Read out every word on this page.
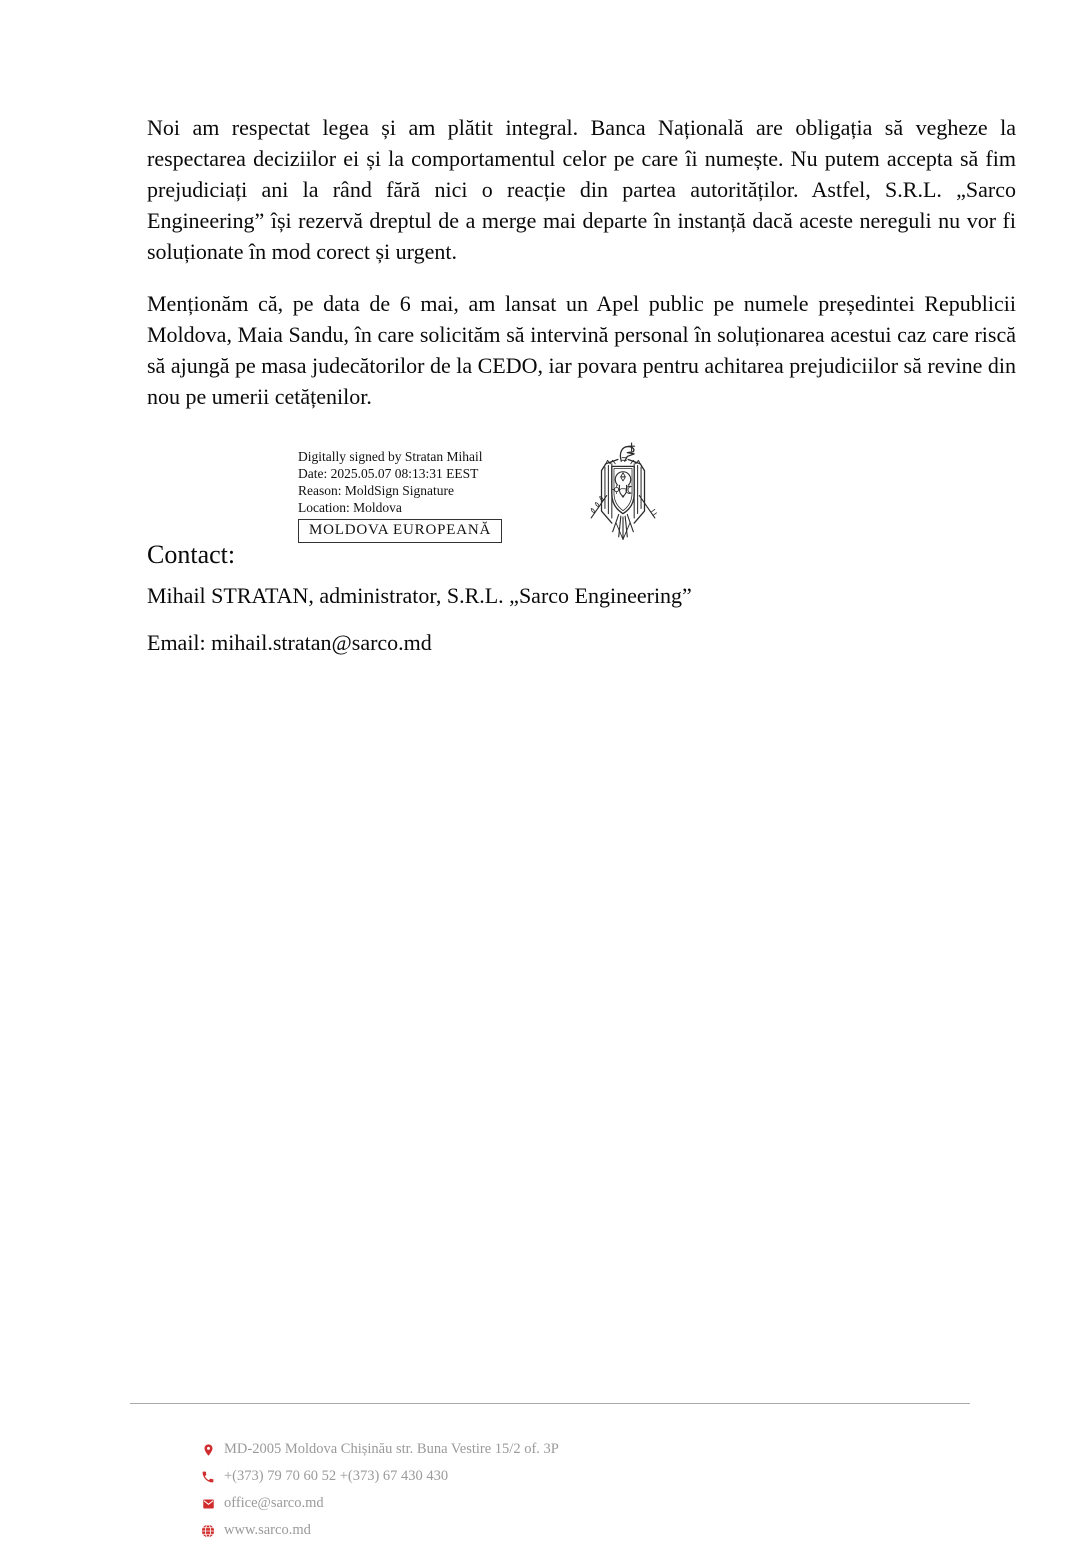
Noi am respectat legea și am plătit integral. Banca Națională are obligația să vegheze la respectarea deciziilor ei și la comportamentul celor pe care îi numește. Nu putem accepta să fim prejudiciați ani la rând fără nici o reacție din partea autorităților. Astfel, S.R.L. „Sarco Engineering” își rezervă dreptul de a merge mai departe în instanță dacă aceste nereguli nu vor fi soluționate în mod corect și urgent.

Menționăm că, pe data de 6 mai, am lansat un Apel public pe numele președintei Republicii Moldova, Maia Sandu, în care solicităm să intervină personal în soluționarea acestui caz care riscă să ajungă pe masa judecătorilor de la CEDO, iar povara pentru achitarea prejudiciilor să revine din nou pe umerii cetățenilor.

Contact:
Digitally signed by Stratan Mihail
Date: 2025.05.07 08:13:31 EEST
Reason: MoldSign Signature
Location: Moldova
MOLDOVA EUROPEANĂ

Mihail STRATAN, administrator, S.R.L. „Sarco Engineering”

Email: mihail.stratan@sarco.md

MD-2005 Moldova Chișinău str. Buna Vestire 15/2 of. 3P
+(373) 79 70 60 52 +(373) 67 430 430
office@sarco.md
www.sarco.md
